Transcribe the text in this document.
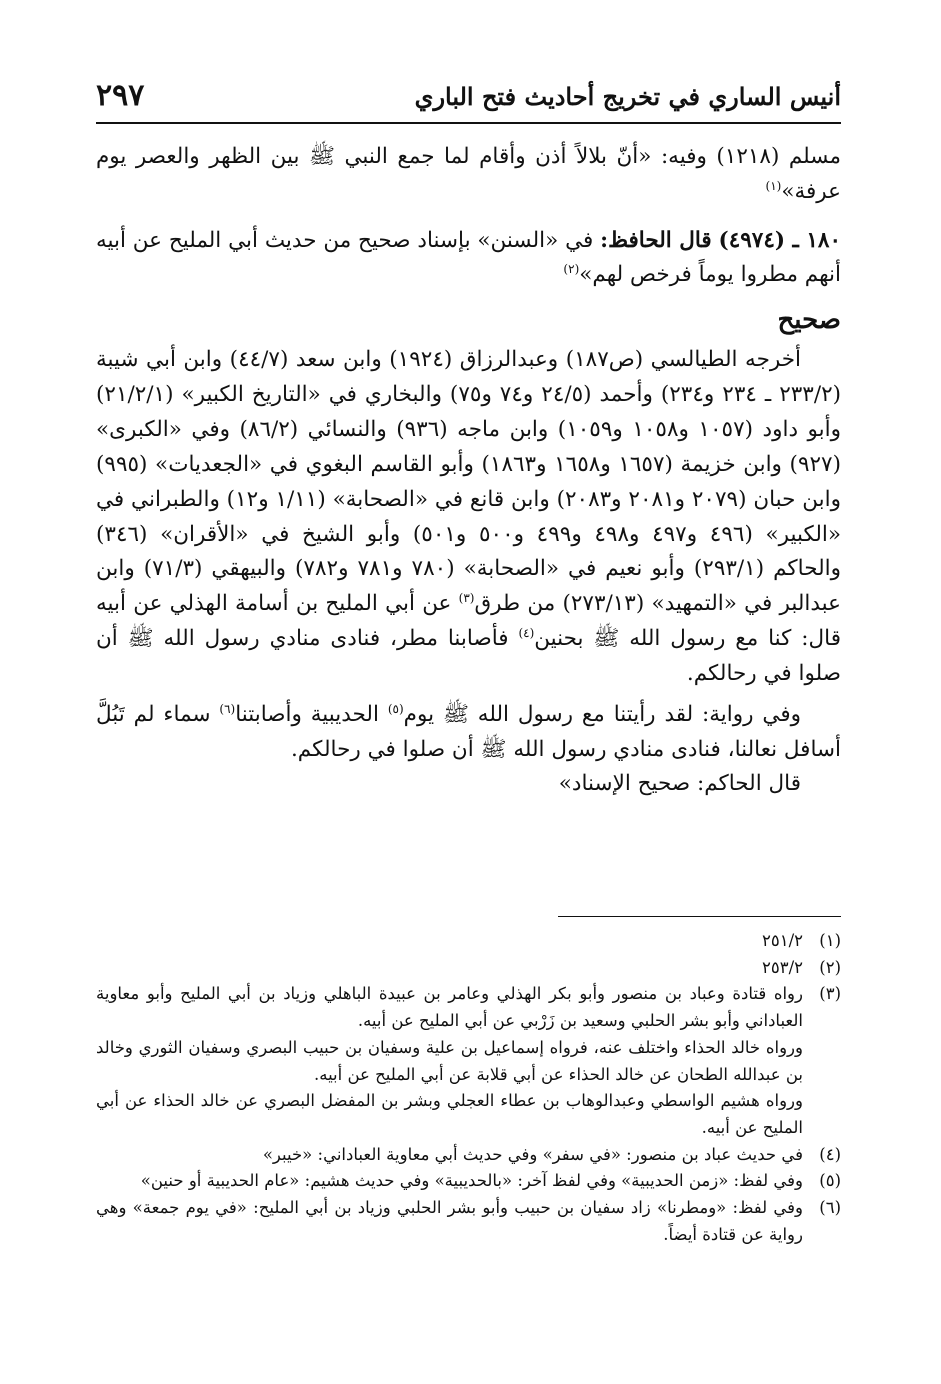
أنيس الساري في تخريج أحاديث فتح الباري
٢٩٧

مسلم (١٢١٨) وفيه: «أنّ بلالاً أذن وأقام لما جمع النبي ﷺ بين الظهر والعصر يوم عرفة»$^{(١)}$

١٨٠ ـ (٤٩٧٤) قال الحافظ: في «السنن» بإسناد صحيح من حديث أبي المليح عن أبيه أنهم مطروا يوماً فرخص لهم»$^{(٢)}$

صحيح

أخرجه الطيالسي (ص١٨٧) وعبدالرزاق (١٩٢٤) وابن سعد (٤٤/٧) وابن أبي شيبة (٢٣٣/٢ ـ ٢٣٤ و٢٣٤) وأحمد (٢٤/٥ و٧٤ و٧٥) والبخاري في «التاريخ الكبير» (٢١/٢/١) وأبو داود (١٠٥٧ و١٠٥٨ و١٠٥٩) وابن ماجه (٩٣٦) والنسائي (٨٦/٢) وفي «الكبرى» (٩٢٧) وابن خزيمة (١٦٥٧ و١٦٥٨ و١٨٦٣) وأبو القاسم البغوي في «الجعديات» (٩٩٥) وابن حبان (٢٠٧٩ و٢٠٨١ و٢٠٨٣) وابن قانع في «الصحابة» (١/١١ و١٢) والطبراني في «الكبير» (٤٩٦ و٤٩٧ و٤٩٨ و٤٩٩ و٥٠٠ و٥٠١) وأبو الشيخ في «الأقران» (٣٤٦) والحاكم (٢٩٣/١) وأبو نعيم في «الصحابة» (٧٨٠ و٧٨١ و٧٨٢) والبيهقي (٧١/٣) وابن عبدالبر في «التمهيد» (٢٧٣/١٣) من طرق$^{(٣)}$ عن أبي المليح بن أسامة الهذلي عن أبيه قال: كنا مع رسول الله ﷺ بحنين$^{(٤)}$ فأصابنا مطر، فنادى منادي رسول الله ﷺ أن صلوا في رحالكم.

وفي رواية: لقد رأيتنا مع رسول الله ﷺ يوم$^{(٥)}$ الحديبية وأصابتنا$^{(٦)}$ سماء لم تَبُلَّ أسافل نعالنا، فنادى منادي رسول الله ﷺ أن صلوا في رحالكم.

قال الحاكم: صحيح الإسناد»

(١)

٢٥١/٢

(٢)

٢٥٣/٢

(٣)

رواه قتادة وعباد بن منصور وأبو بكر الهذلي وعامر بن عبيدة الباهلي وزياد بن أبي المليح وأبو معاوية العباداني وأبو بشر الحلبي وسعيد بن زَرْبي عن أبي المليح عن أبيه.

ورواه خالد الحذاء واختلف عنه، فرواه إسماعيل بن علية وسفيان بن حبيب البصري وسفيان الثوري وخالد بن عبدالله الطحان عن خالد الحذاء عن أبي قلابة عن أبي المليح عن أبيه.

ورواه هشيم الواسطي وعبدالوهاب بن عطاء العجلي وبشر بن المفضل البصري عن خالد الحذاء عن أبي المليح عن أبيه.

(٤)

في حديث عباد بن منصور: «في سفر» وفي حديث أبي معاوية العباداني: «خيبر»

(٥)

وفي لفظ: «زمن الحديبية» وفي لفظ آخر: «بالحديبية» وفي حديث هشيم: «عام الحديبية أو حنين»

(٦)

وفي لفظ: «ومطرنا» زاد سفيان بن حبيب وأبو بشر الحلبي وزياد بن أبي المليح: «في يوم جمعة» وهي رواية عن قتادة أيضاً.
